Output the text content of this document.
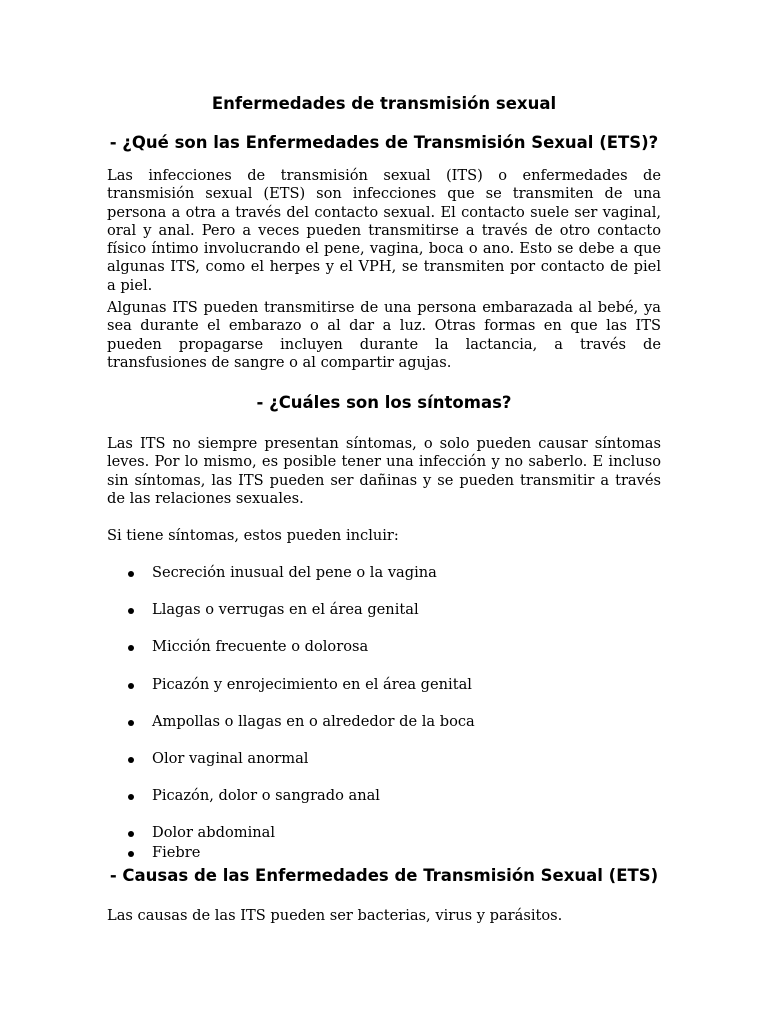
Enfermedades de transmisión sexual
- ¿Qué son las Enfermedades de Transmisión Sexual (ETS)?

Las infecciones de transmisión sexual (ITS) o enfermedades de transmisión sexual (ETS) son infecciones que se transmiten de una persona a otra a través del contacto sexual. El contacto suele ser vaginal, oral y anal. Pero a veces pueden transmitirse a través de otro contacto físico íntimo involucrando el pene, vagina, boca o ano. Esto se debe a que algunas ITS, como el herpes y el VPH, se transmiten por contacto de piel a piel.

Algunas ITS pueden transmitirse de una persona embarazada al bebé, ya sea durante el embarazo o al dar a luz. Otras formas en que las ITS pueden propagarse incluyen durante la lactancia, a través de transfusiones de sangre o al compartir agujas.

- ¿Cuáles son los síntomas?

Las ITS no siempre presentan síntomas, o solo pueden causar síntomas leves. Por lo mismo, es posible tener una infección y no saberlo. E incluso sin síntomas, las ITS pueden ser dañinas y se pueden transmitir a través de las relaciones sexuales.

Si tiene síntomas, estos pueden incluir:

Secreción inusual del pene o la vagina
Llagas o verrugas en el área genital
Micción frecuente o dolorosa
Picazón y enrojecimiento en el área genital
Ampollas o llagas en o alrededor de la boca
Olor vaginal anormal
Picazón, dolor o sangrado anal
Dolor abdominal
Fiebre
- Causas de las Enfermedades de Transmisión Sexual (ETS)

Las causas de las ITS pueden ser bacterias, virus y parásitos.
